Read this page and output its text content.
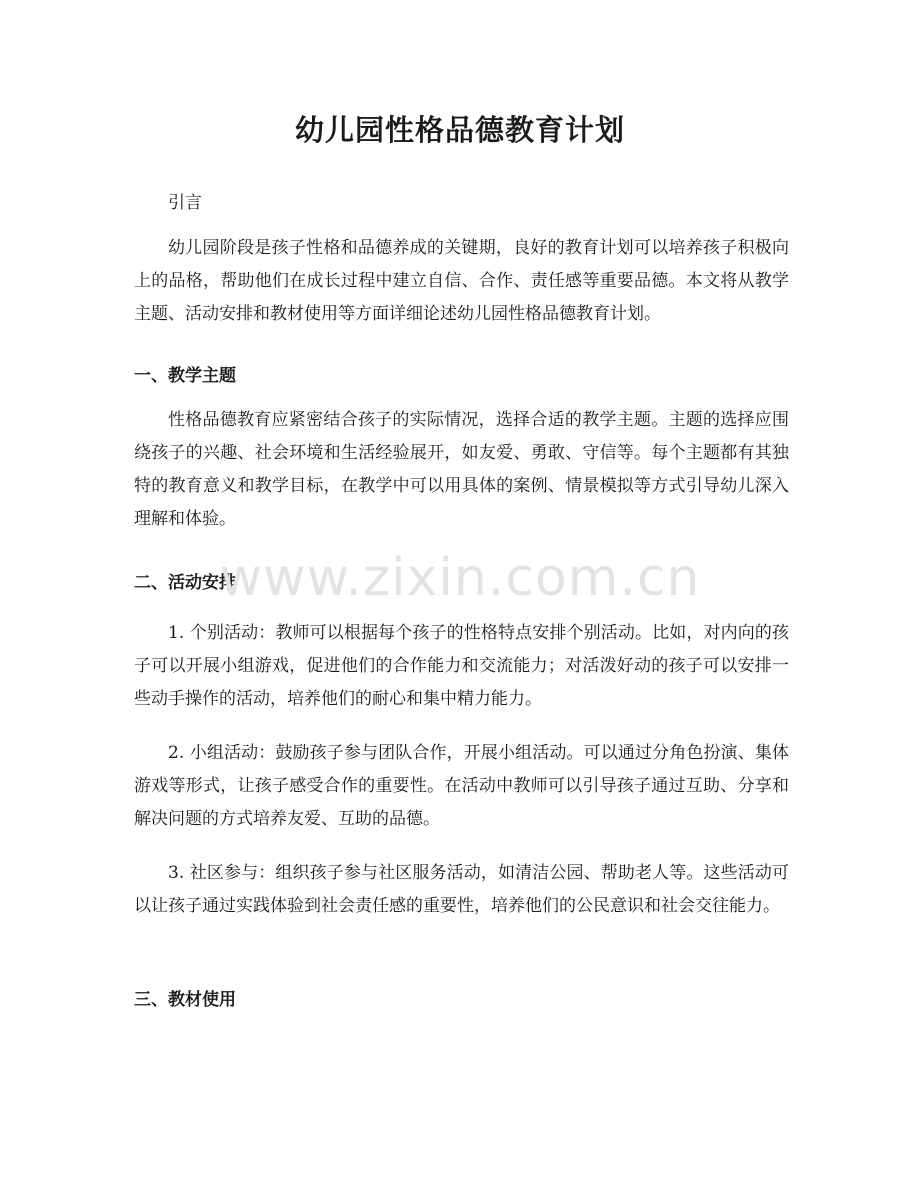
幼儿园性格品德教育计划

引言

幼儿园阶段是孩子性格和品德养成的关键期，良好的教育计划可以培养孩子积极向上的品格，帮助他们在成长过程中建立自信、合作、责任感等重要品德。本文将从教学主题、活动安排和教材使用等方面详细论述幼儿园性格品德教育计划。

一、教学主题

性格品德教育应紧密结合孩子的实际情况，选择合适的教学主题。主题的选择应围绕孩子的兴趣、社会环境和生活经验展开，如友爱、勇敢、守信等。每个主题都有其独特的教育意义和教学目标，在教学中可以用具体的案例、情景模拟等方式引导幼儿深入理解和体验。

二、活动安排

1. 个别活动：教师可以根据每个孩子的性格特点安排个别活动。比如，对内向的孩子可以开展小组游戏，促进他们的合作能力和交流能力；对活泼好动的孩子可以安排一些动手操作的活动，培养他们的耐心和集中精力能力。

2. 小组活动：鼓励孩子参与团队合作，开展小组活动。可以通过分角色扮演、集体游戏等形式，让孩子感受合作的重要性。在活动中教师可以引导孩子通过互助、分享和解决问题的方式培养友爱、互助的品德。

3. 社区参与：组织孩子参与社区服务活动，如清洁公园、帮助老人等。这些活动可以让孩子通过实践体验到社会责任感的重要性，培养他们的公民意识和社会交往能力。

三、教材使用
www.zixin.com.cn
